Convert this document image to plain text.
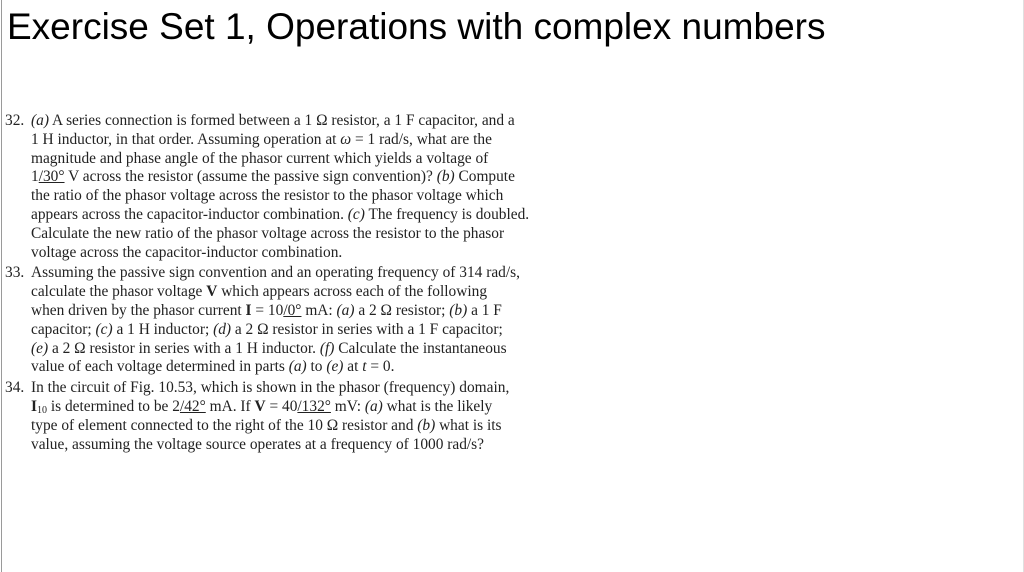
Exercise Set 1, Operations with complex numbers
32. (a) A series connection is formed between a 1 Ω resistor, a 1 F capacitor, and a
1 H inductor, in that order. Assuming operation at ω = 1 rad/s, what are the
magnitude and phase angle of the phasor current which yields a voltage of
1/30° V across the resistor (assume the passive sign convention)? (b) Compute
the ratio of the phasor voltage across the resistor to the phasor voltage which
appears across the capacitor-inductor combination. (c) The frequency is doubled.
Calculate the new ratio of the phasor voltage across the resistor to the phasor
voltage across the capacitor-inductor combination.
33. Assuming the passive sign convention and an operating frequency of 314 rad/s,
calculate the phasor voltage V which appears across each of the following
when driven by the phasor current I = 10/0° mA: (a) a 2 Ω resistor; (b) a 1 F
capacitor; (c) a 1 H inductor; (d) a 2 Ω resistor in series with a 1 F capacitor;
(e) a 2 Ω resistor in series with a 1 H inductor. (f) Calculate the instantaneous
value of each voltage determined in parts (a) to (e) at t = 0.
34. In the circuit of Fig. 10.53, which is shown in the phasor (frequency) domain,
$I_{10}$ is determined to be 2/42° mA. If V = 40/132° mV: (a) what is the likely
type of element connected to the right of the 10 Ω resistor and (b) what is its
value, assuming the voltage source operates at a frequency of 1000 rad/s?
